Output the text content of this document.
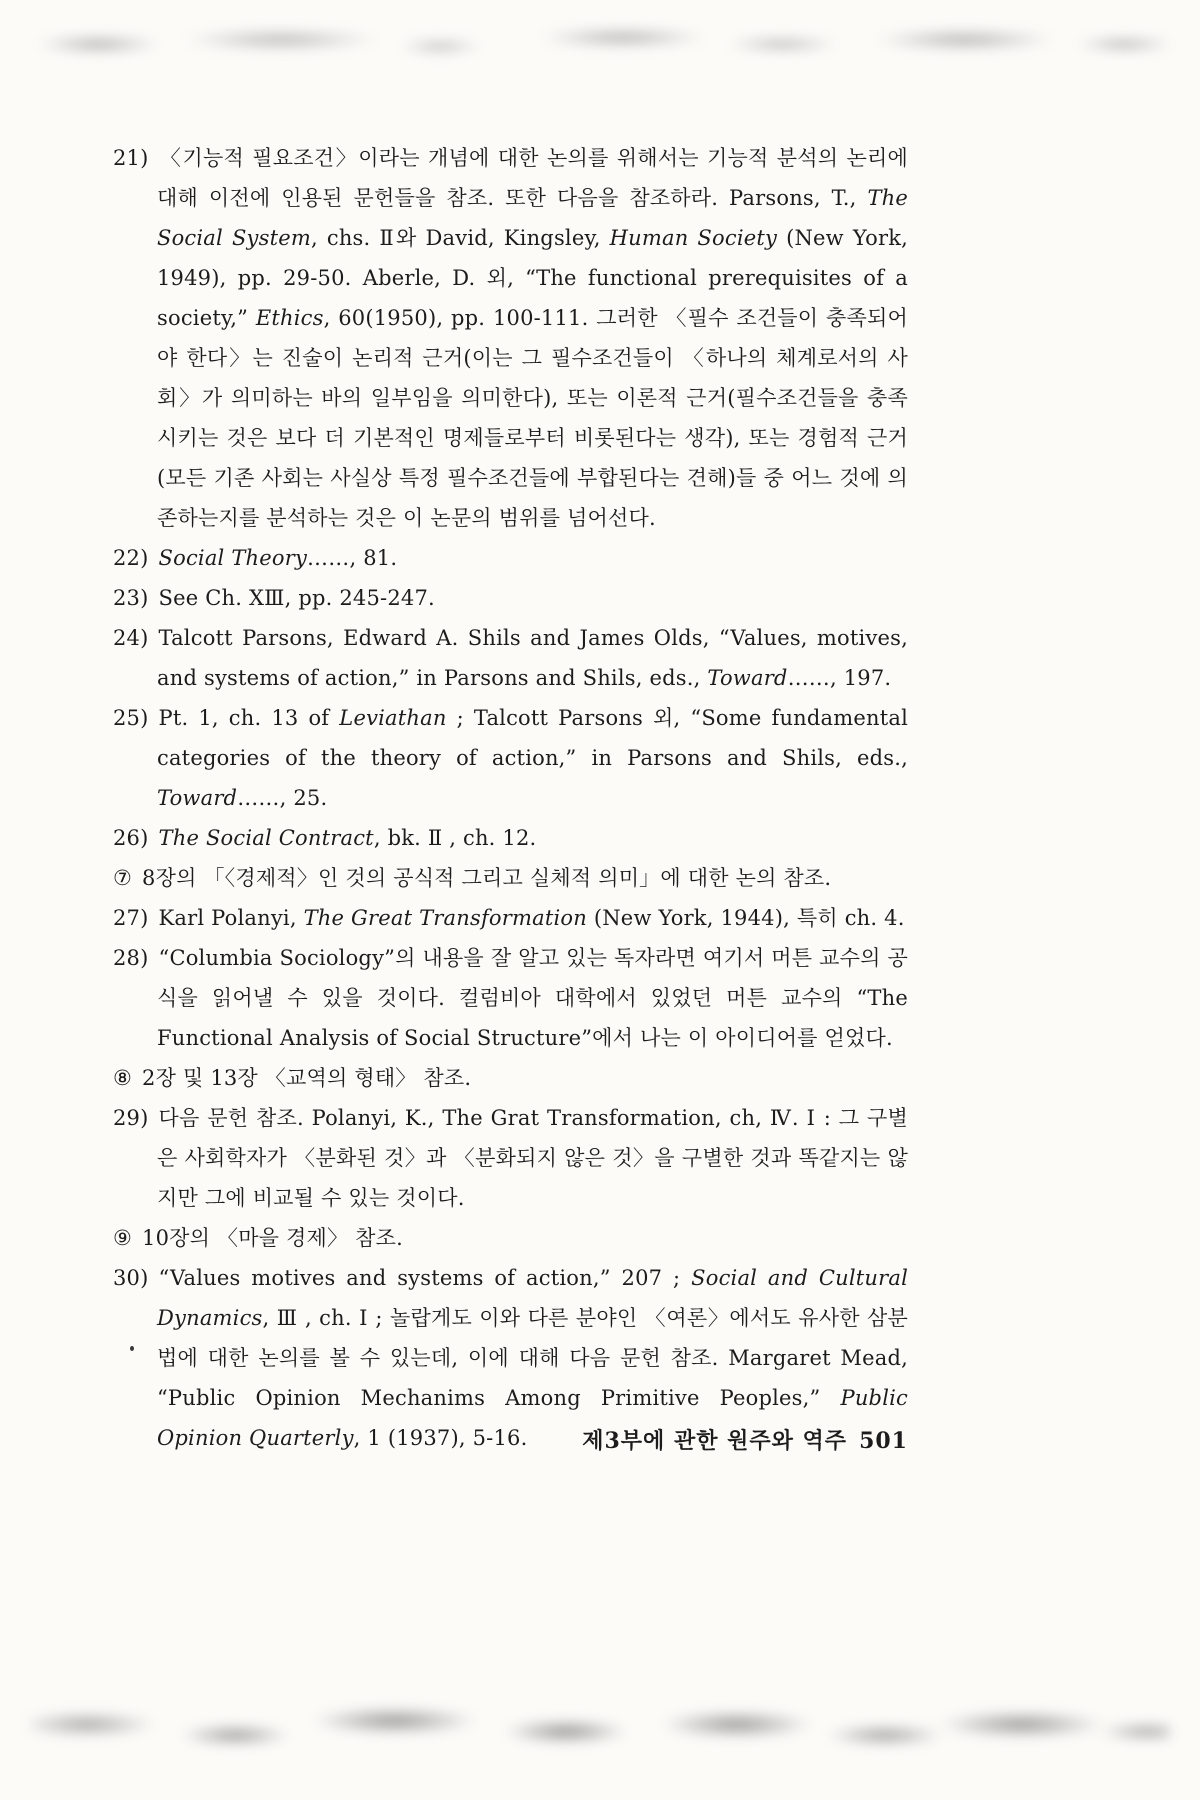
21) 〈기능적 필요조건〉이라는 개념에 대한 논의를 위해서는 기능적 분석의 논리에 대해 이전에 인용된 문헌들을 참조. 또한 다음을 참조하라. Parsons, T., The Social System, chs. Ⅱ와 David, Kingsley, Human Society (New York, 1949), pp. 29-50. Aberle, D. 외, “The functional prerequisites of a society,” Ethics, 60(1950), pp. 100-111. 그러한 〈필수 조건들이 충족되어야 한다〉는 진술이 논리적 근거(이는 그 필수조건들이 〈하나의 체계로서의 사회〉가 의미하는 바의 일부임을 의미한다), 또는 이론적 근거(필수조건들을 충족시키는 것은 보다 더 기본적인 명제들로부터 비롯된다는 생각), 또는 경험적 근거(모든 기존 사회는 사실상 특정 필수조건들에 부합된다는 견해)들 중 어느 것에 의존하는지를 분석하는 것은 이 논문의 범위를 넘어선다.
22) Social Theory……, 81.
23) See Ch. XⅢ, pp. 245-247.
24) Talcott Parsons, Edward A. Shils and James Olds, “Values, motives, and systems of action,” in Parsons and Shils, eds., Toward……, 197.
25) Pt. 1, ch. 13 of Leviathan ; Talcott Parsons 외, “Some fundamental categories of the theory of action,” in Parsons and Shils, eds., Toward……, 25.
26) The Social Contract, bk. Ⅱ , ch. 12.
⑦ 8장의 「〈경제적〉인 것의 공식적 그리고 실체적 의미」에 대한 논의 참조.
27) Karl Polanyi, The Great Transformation (New York, 1944), 특히 ch. 4.
28) “Columbia Sociology”의 내용을 잘 알고 있는 독자라면 여기서 머튼 교수의 공식을 읽어낼 수 있을 것이다. 컬럼비아 대학에서 있었던 머튼 교수의 “The Functional Analysis of Social Structure”에서 나는 이 아이디어를 얻었다.
⑧ 2장 및 13장 〈교역의 형태〉 참조.
29) 다음 문헌 참조. Polanyi, K., The Grat Transformation, ch, Ⅳ. Ⅰ : 그 구별은 사회학자가 〈분화된 것〉과 〈분화되지 않은 것〉을 구별한 것과 똑같지는 않지만 그에 비교될 수 있는 것이다.
⑨ 10장의 〈마을 경제〉 참조.
30) “Values motives and systems of action,” 207 ; Social and Cultural Dynamics, Ⅲ , ch. Ⅰ ; 놀랍게도 이와 다른 분야인 〈여론〉에서도 유사한 삼분법에 대한 논의를 볼 수 있는데, 이에 대해 다음 문헌 참조. Margaret Mead, “Public Opinion Mechanims Among Primitive Peoples,” Public Opinion Quarterly, 1 (1937), 5-16.	제3부에 관한 원주와 역주 501
